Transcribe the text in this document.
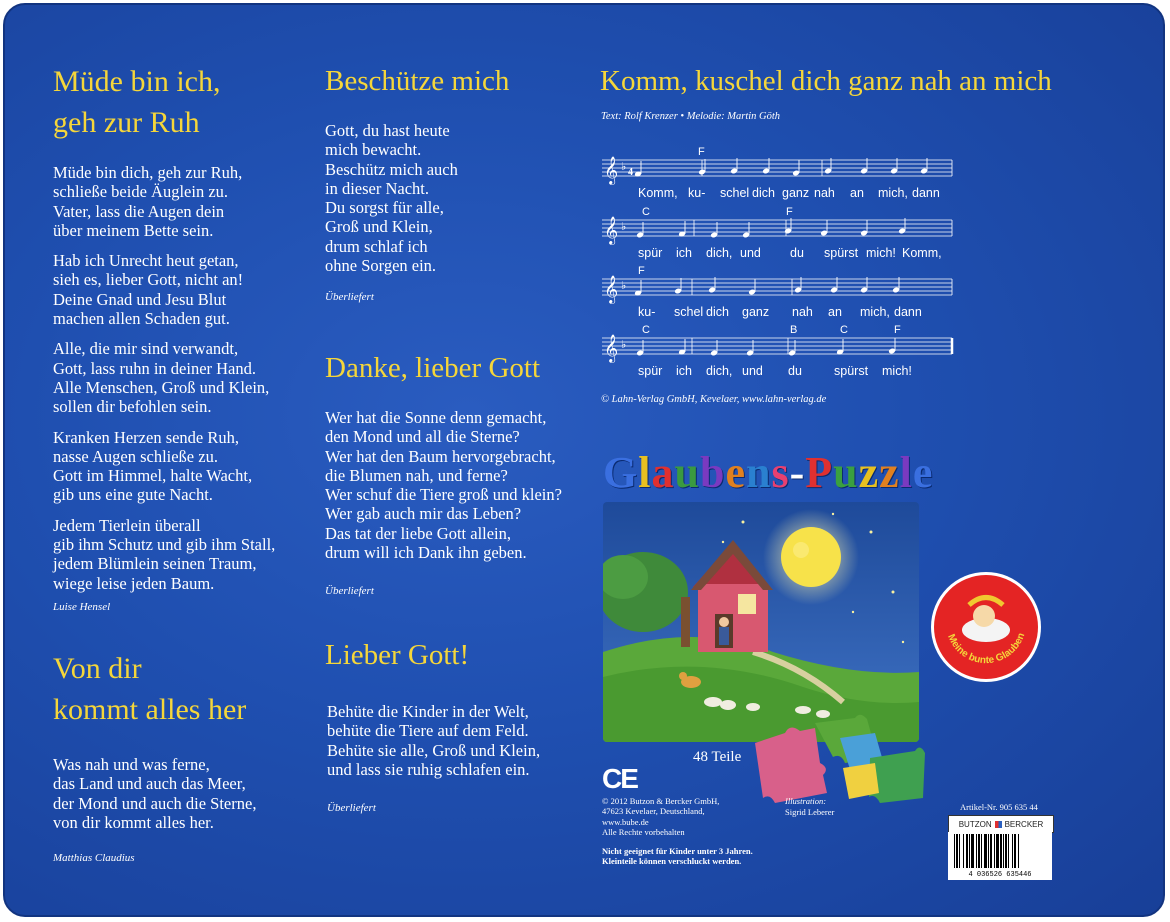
Müde bin ich,
geh zur Ruh
Müde bin dich, geh zur Ruh,
schließe beide Äuglein zu.
Vater, lass die Augen dein
über meinem Bette sein.
Hab ich Unrecht heut getan,
sieh es, lieber Gott, nicht an!
Deine Gnad und Jesu Blut
machen allen Schaden gut.
Alle, die mir sind verwandt,
Gott, lass ruhn in deiner Hand.
Alle Menschen, Groß und Klein,
sollen dir befohlen sein.
Kranken Herzen sende Ruh,
nasse Augen schließe zu.
Gott im Himmel, halte Wacht,
gib uns eine gute Nacht.
Jedem Tierlein überall
gib ihm Schutz und gib ihm Stall,
jedem Blümlein seinen Traum,
wiege leise jeden Baum.
Luise Hensel
Von dir
kommt alles her
Was nah und was ferne,
das Land und auch das Meer,
der Mond und auch die Sterne,
von dir kommt alles her.
Matthias Claudius
Beschütze mich
Gott, du hast heute
mich bewacht.
Beschütz mich auch
in dieser Nacht.
Du sorgst für alle,
Groß und Klein,
drum schlaf ich
ohne Sorgen ein.
Überliefert
Danke, lieber Gott
Wer hat die Sonne denn gemacht,
den Mond und all die Sterne?
Wer hat den Baum hervorgebracht,
die Blumen nah, und ferne?
Wer schuf die Tiere groß und klein?
Wer gab auch mir das Leben?
Das tat der liebe Gott allein,
drum will ich Dank ihn geben.
Überliefert
Lieber Gott!
Behüte die Kinder in der Welt,
behüte die Tiere auf dem Feld.
Behüte sie alle, Groß und Klein,
und lass sie ruhig schlafen ein.
Überliefert
Komm, kuschel dich ganz nah an mich
Text: Rolf Krenzer • Melodie: Martin Göth
𝄞 ♭ 4
F
Komm, ku- schel dich ganz nah an mich, dann
𝄞 ♭
C	F
spür ich dich, und du spürst mich! Komm,
𝄞 ♭
F
ku- schel dich ganz nah an mich, dann
𝄞 ♭
C	B	C	F
spür ich dich, und du	spürst mich!
© Lahn-Verlag GmbH, Kevelaer, www.lahn-verlag.de
Glaubens-Puzzle
Meine bunte Glauben
48 Teile
CE
© 2012 Butzon & Bercker GmbH,
47623 Kevelaer, Deutschland,
www.bube.de
Alle Rechte vorbehalten
Illustration:
Sigrid Leberer
Nicht geeignet für Kinder unter 3 Jahren.
Kleinteile können verschluckt werden.
Artikel-Nr. 905 635 44
BUTZON BERCKER
4 036526 635446
